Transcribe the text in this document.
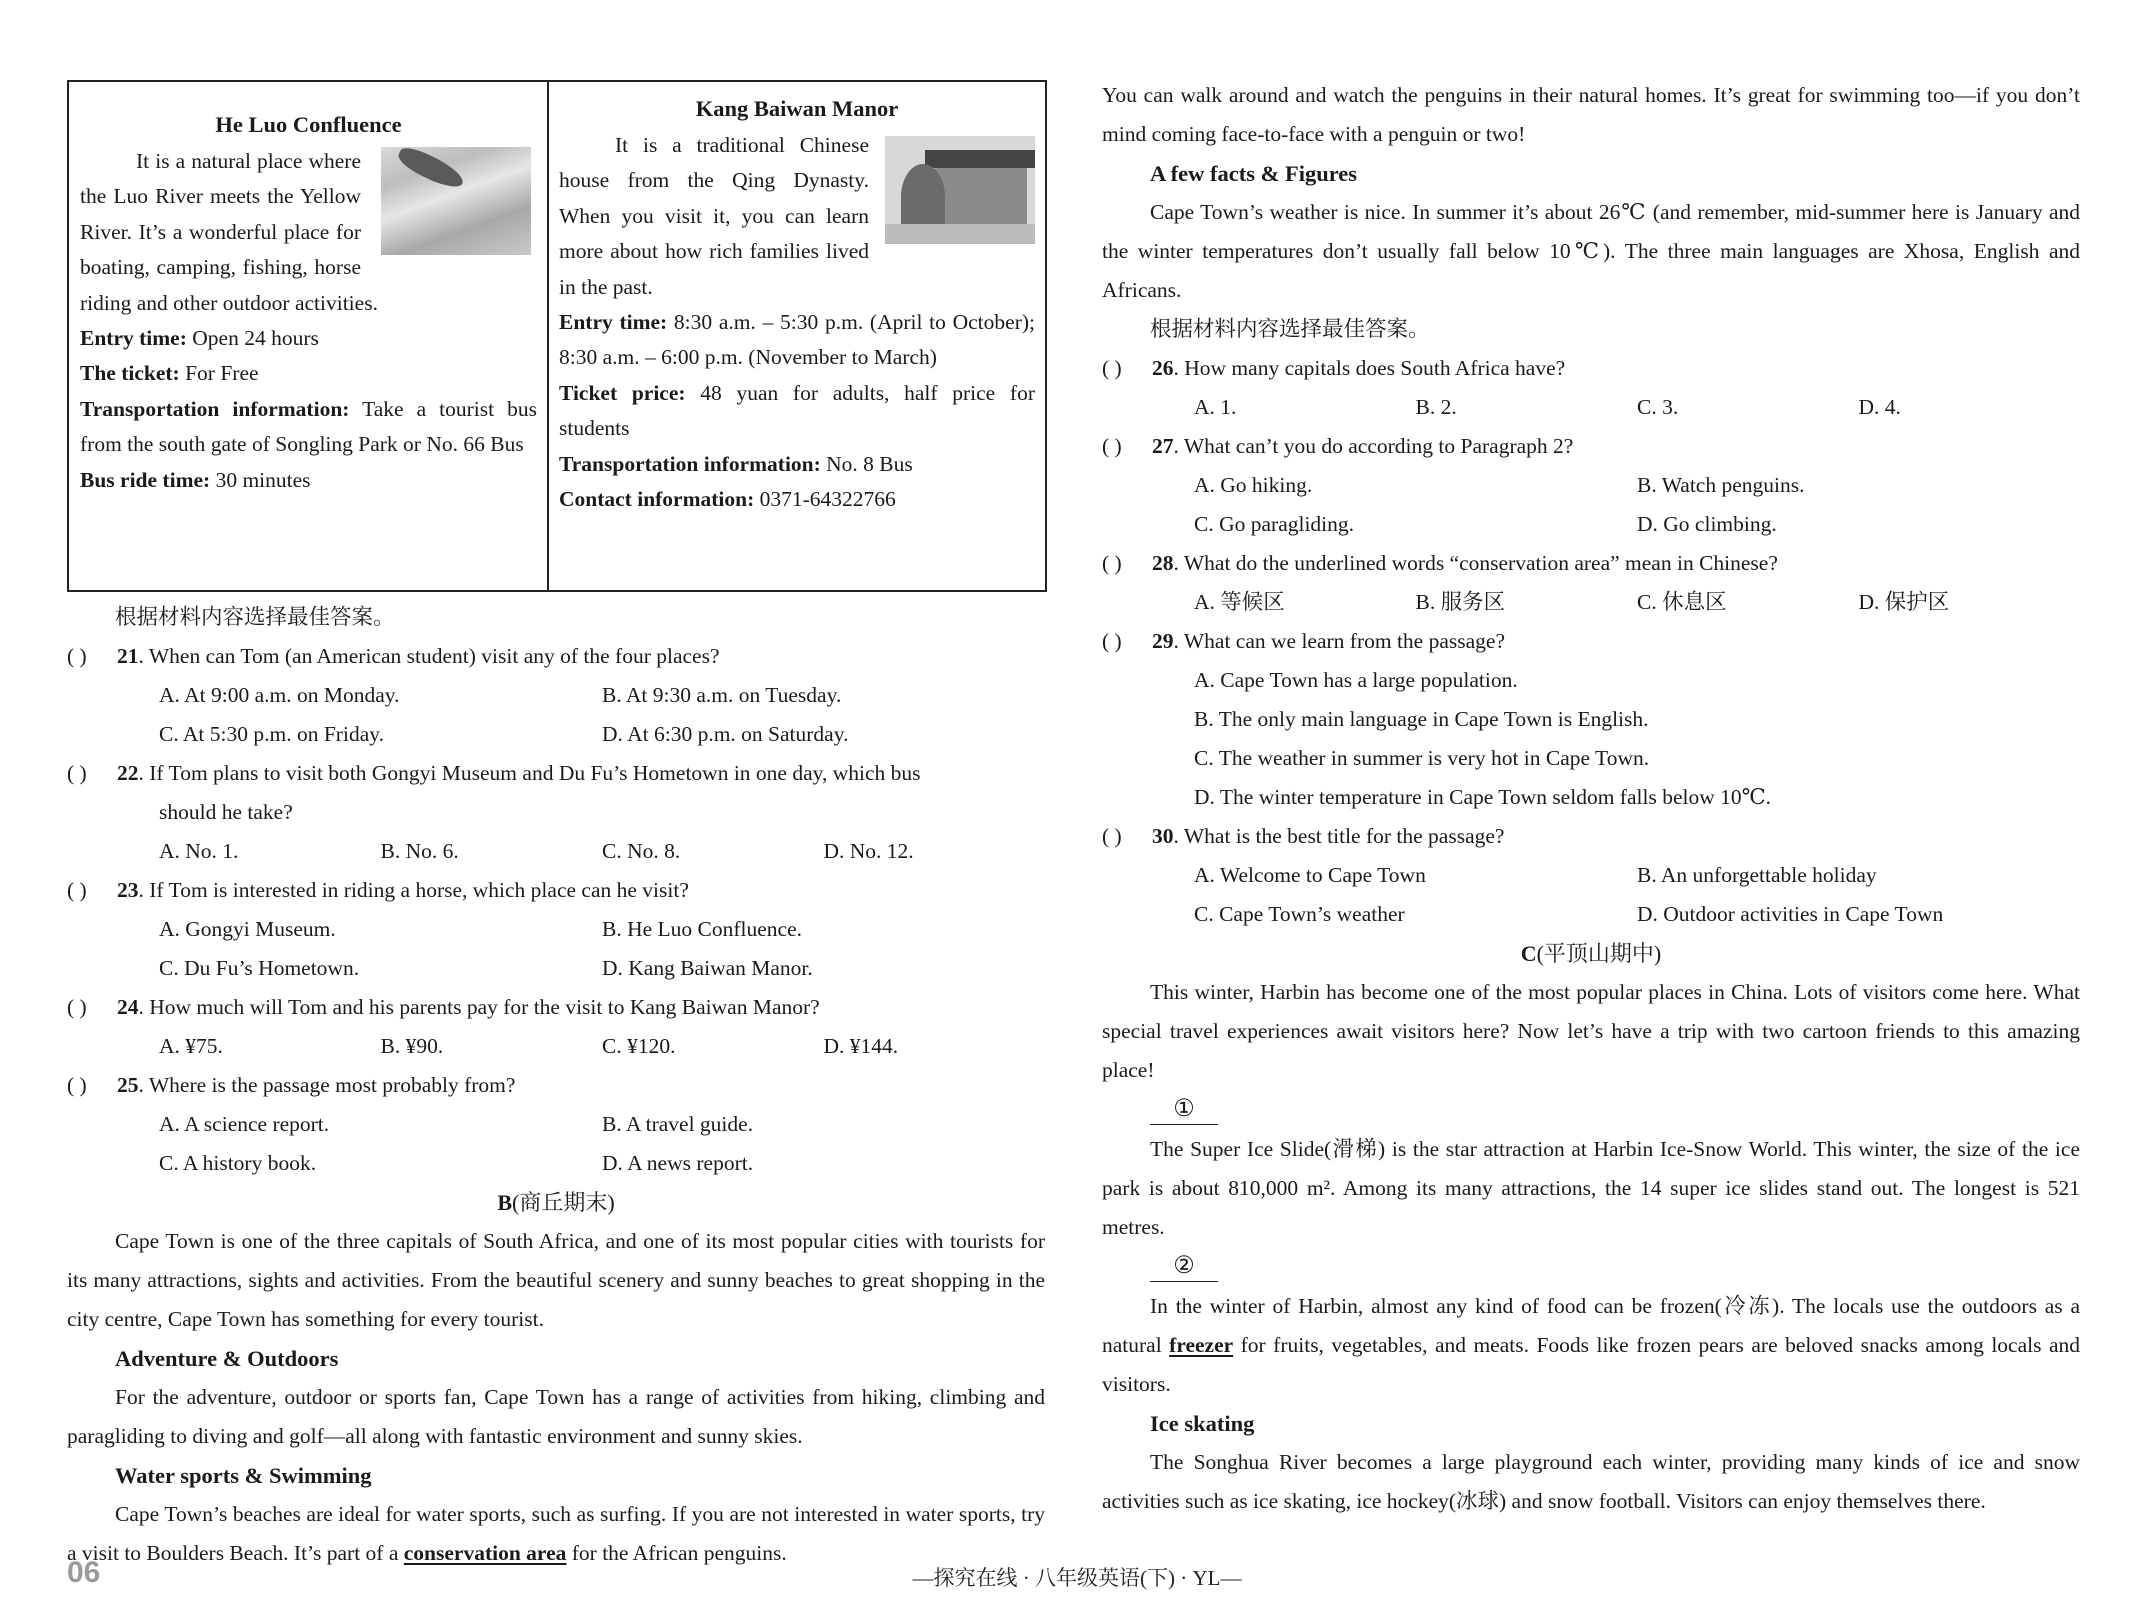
He Luo Confluence

It is a natural place where the Luo River meets the Yellow River. It’s a wonderful place for boating, camping, fishing, horse riding and other outdoor activities.

Entry time: Open 24 hours

The ticket: For Free

Transportation information: Take a tourist bus from the south gate of Songling Park or No. 66 Bus

Bus ride time: 30 minutes

Kang Baiwan Manor

It is a traditional Chinese house from the Qing Dynasty. When you visit it, you can learn more about how rich families lived in the past.

Entry time: 8:30 a.m. – 5:30 p.m. (April to October); 8:30 a.m. – 6:00 p.m. (November to March)

Ticket price: 48 yuan for adults, half price for students

Transportation information: No. 8 Bus

Contact information: 0371-64322766

根据材料内容选择最佳答案。

( )	21. When can Tom (an American student) visit any of the four places?
A. At 9:00 a.m. on Monday.	B. At 9:30 a.m. on Tuesday.
C. At 5:30 p.m. on Friday.	D. At 6:30 p.m. on Saturday.
( )	22. If Tom plans to visit both Gongyi Museum and Du Fu’s Hometown in one day, which bus
should he take?
A. No. 1.	B. No. 6.	C. No. 8.	D. No. 12.
( )	23. If Tom is interested in riding a horse, which place can he visit?
A. Gongyi Museum.	B. He Luo Confluence.
C. Du Fu’s Hometown.	D. Kang Baiwan Manor.
( )	24. How much will Tom and his parents pay for the visit to Kang Baiwan Manor?
A. ¥75.	B. ¥90.	C. ¥120.	D. ¥144.
( )	25. Where is the passage most probably from?
A. A science report.	B. A travel guide.
C. A history book.	D. A news report.

B(商丘期末)

Cape Town is one of the three capitals of South Africa, and one of its most popular cities with tourists for its many attractions, sights and activities. From the beautiful scenery and sunny beaches to great shopping in the city centre, Cape Town has something for every tourist.

Adventure & Outdoors

For the adventure, outdoor or sports fan, Cape Town has a range of activities from hiking, climbing and paragliding to diving and golf—all along with fantastic environment and sunny skies.

Water sports & Swimming

Cape Town’s beaches are ideal for water sports, such as surfing. If you are not interested in water sports, try a visit to Boulders Beach. It’s part of a conservation area for the African penguins.

You can walk around and watch the penguins in their natural homes. It’s great for swimming too—if you don’t mind coming face-to-face with a penguin or two!

A few facts & Figures

Cape Town’s weather is nice. In summer it’s about 26℃ (and remember, mid-summer here is January and the winter temperatures don’t usually fall below 10℃). The three main languages are Xhosa, English and Africans.

根据材料内容选择最佳答案。

( )	26. How many capitals does South Africa have?
A. 1.	B. 2.	C. 3.	D. 4.
( )	27. What can’t you do according to Paragraph 2?
A. Go hiking.	B. Watch penguins.
C. Go paragliding.	D. Go climbing.
( )	28. What do the underlined words “conservation area” mean in Chinese?
A. 等候区	B. 服务区	C. 休息区	D. 保护区
( )	29. What can we learn from the passage?
A. Cape Town has a large population.
B. The only main language in Cape Town is English.
C. The weather in summer is very hot in Cape Town.
D. The winter temperature in Cape Town seldom falls below 10℃.
( )	30. What is the best title for the passage?
A. Welcome to Cape Town	B. An unforgettable holiday
C. Cape Town’s weather	D. Outdoor activities in Cape Town

C(平顶山期中)

This winter, Harbin has become one of the most popular places in China. Lots of visitors come here. What special travel experiences await visitors here? Now let’s have a trip with two cartoon friends to this amazing place!

①

The Super Ice Slide(滑梯) is the star attraction at Harbin Ice-Snow World. This winter, the size of the ice park is about 810,000 m². Among its many attractions, the 14 super ice slides stand out. The longest is 521 metres.

②

In the winter of Harbin, almost any kind of food can be frozen(冷冻). The locals use the outdoors as a natural freezer for fruits, vegetables, and meats. Foods like frozen pears are beloved snacks among locals and visitors.

Ice skating

The Songhua River becomes a large playground each winter, providing many kinds of ice and snow activities such as ice skating, ice hockey(冰球) and snow football. Visitors can enjoy themselves there.

06	—探究在线 · 八年级英语(下) · YL—
